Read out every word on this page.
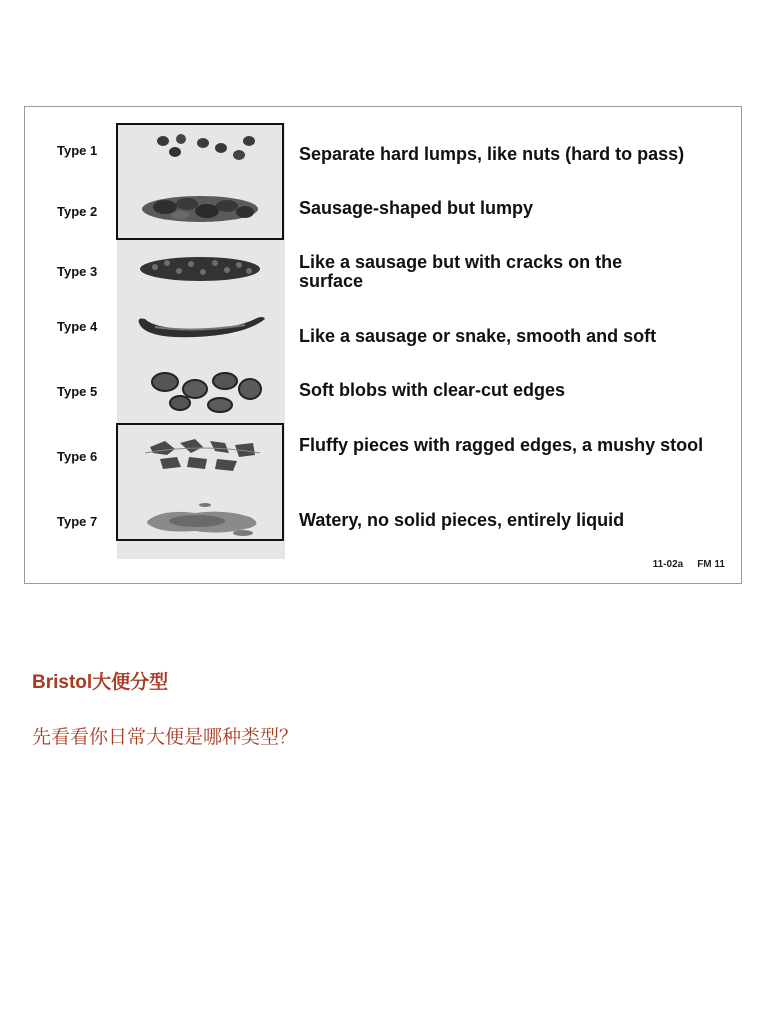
Type 1
Type 2
Type 3
Type 4
Type 5
Type 6
Type 7
Separate hard lumps, like nuts (hard to pass)
Sausage-shaped but lumpy
Like a sausage but with cracks on the surface
Like a sausage or snake, smooth and soft
Soft blobs with clear-cut edges
Fluffy pieces with ragged edges, a mushy stool
Watery, no solid pieces, entirely liquid
11-02a FM 11
Bristol大便分型
先看看你日常大便是哪种类型？
